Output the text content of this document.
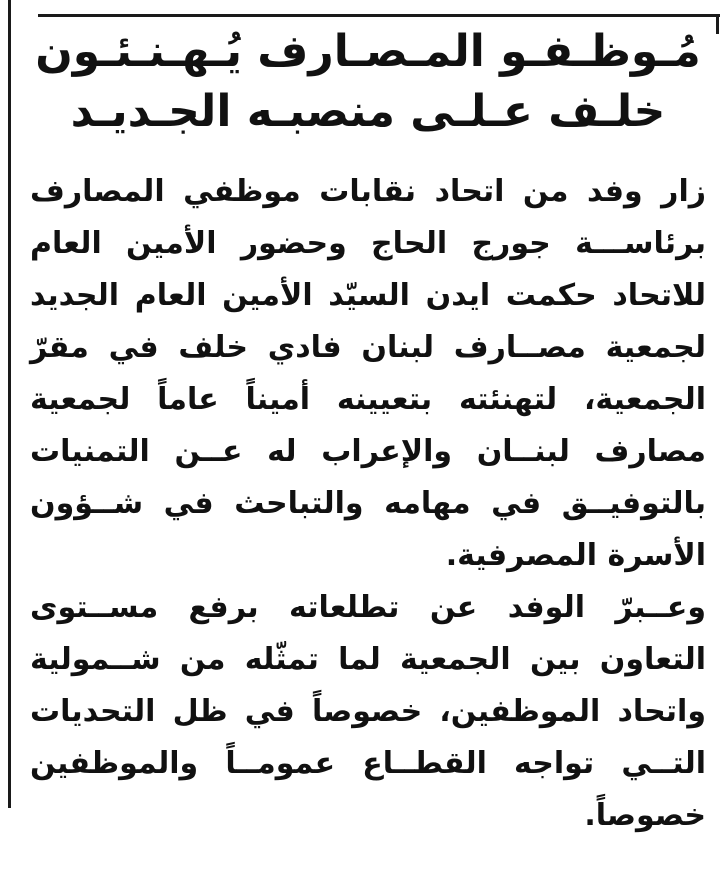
مُـوظـفـو المـصـارف يُـهـنـئـون
خلـف عـلـى منصبـه الجـديـد

زار وفد من اتحاد نقابات موظفي المصارف
برئاســـة جورج الحاج وحضور الأمين العام
للاتحاد حكمت ايدن السيّد الأمين العام الجديد
لجمعية مصــارف لبنان فادي خلف في مقرّ
الجمعية، لتهنئته بتعيينه أميناً عاماً لجمعية
مصارف لبنــان والإعراب له عــن التمنيات
بالتوفيــق في مهامه والتباحث في شــؤون
الأسرة المصرفية.

وعــبرّ الوفد عن تطلعاته برفع مســتوى
التعاون بين الجمعية لما تمثّله من شــمولية
واتحاد الموظفين، خصوصاً في ظل التحديات
التــي تواجه القطــاع عمومــاً والموظفين
خصوصاً.
